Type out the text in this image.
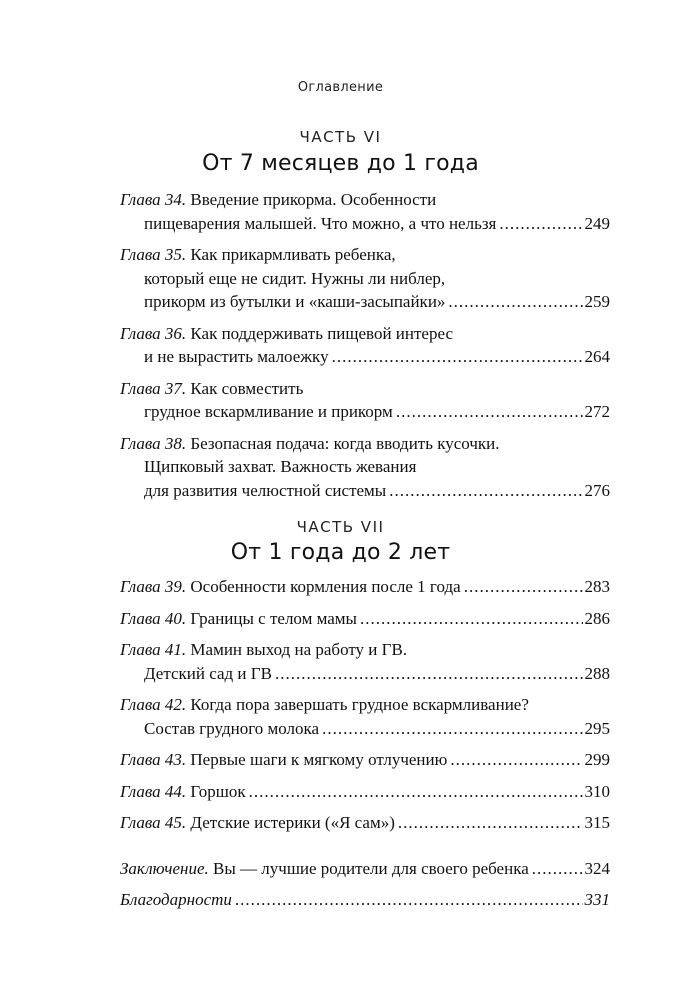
Оглавление
ЧАСТЬ VI
От 7 месяцев до 1 года
Глава 34. Введение прикорма. Особенности
пищеварения малышей. Что можно, а что нельзя .....	249
Глава 35. Как прикармливать ребенка,
который еще не сидит. Нужны ли ниблер,
прикорм из бутылки и «каши-засыпайки» .....	259
Глава 36. Как поддерживать пищевой интерес
и не вырастить малоежку .....	264
Глава 37. Как совместить
грудное вскармливание и прикорм .....	272
Глава 38. Безопасная подача: когда вводить кусочки.
Щипковый захват. Важность жевания
для развития челюстной системы .....	276
ЧАСТЬ VII
От 1 года до 2 лет
Глава 39. Особенности кормления после 1 года .....	283
Глава 40. Границы с телом мамы .....	286
Глава 41. Мамин выход на работу и ГВ.
Детский сад и ГВ .....	288
Глава 42. Когда пора завершать грудное вскармливание?
Состав грудного молока .....	295
Глава 43. Первые шаги к мягкому отлучению .....	299
Глава 44. Горшок .....	310
Глава 45. Детские истерики («Я сам») .....	315
Заключение. Вы — лучшие родители для своего ребенка .....	324
Благодарности .....	331
